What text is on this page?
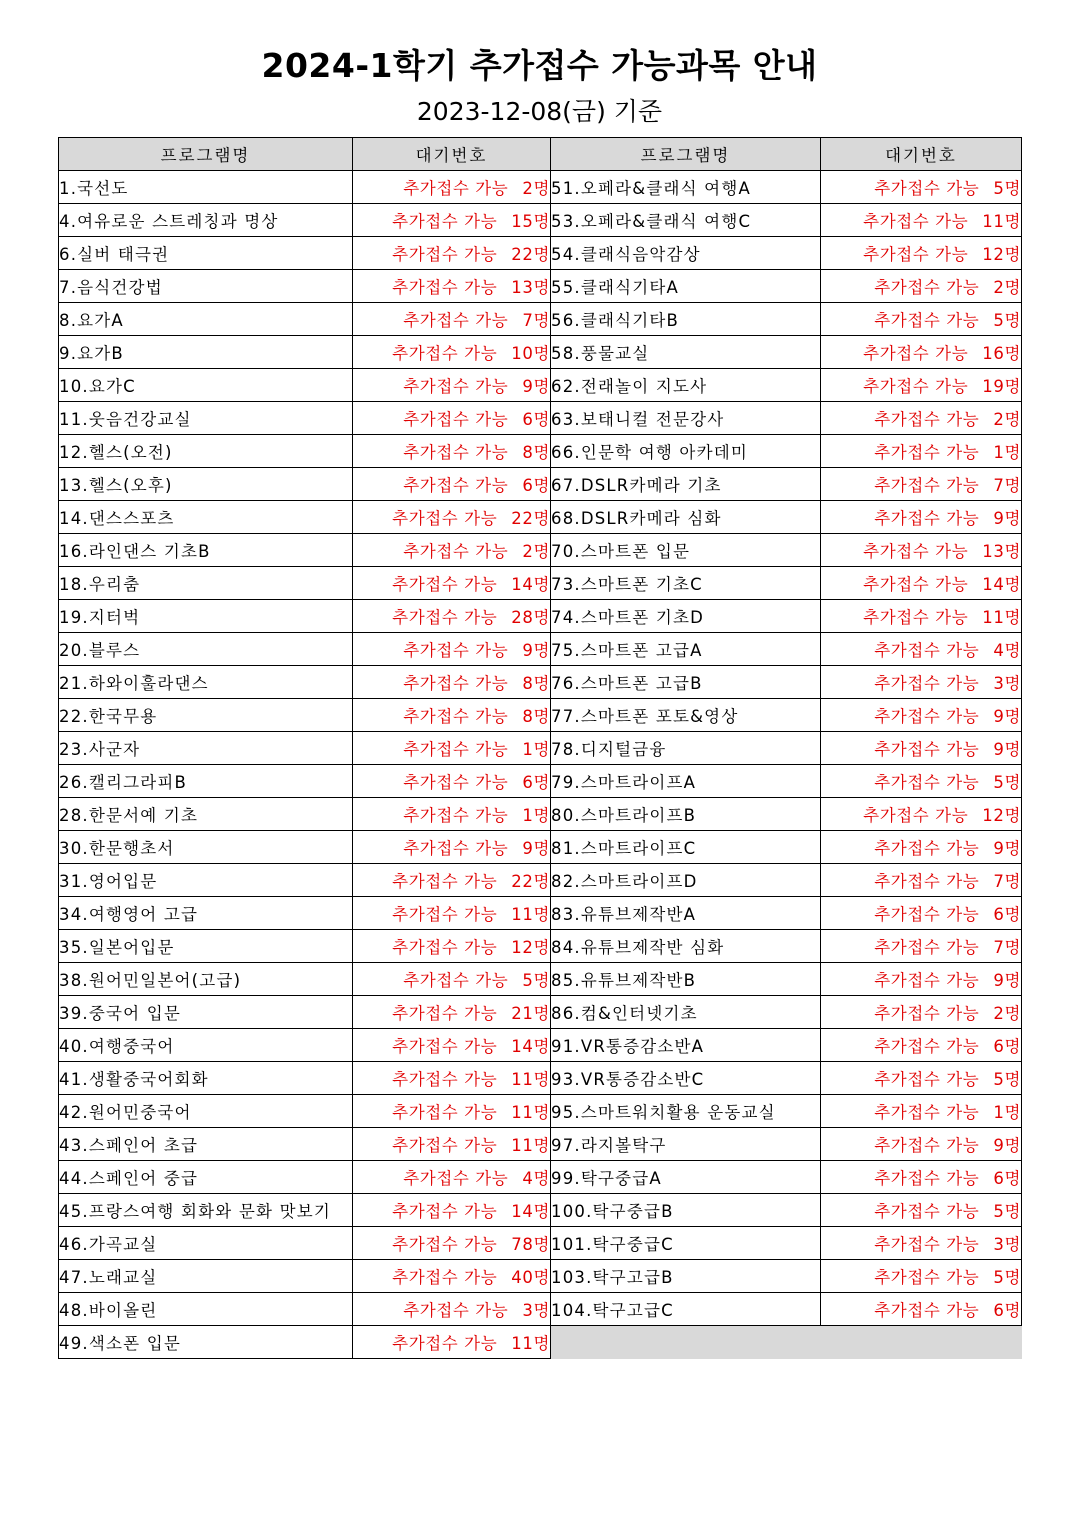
2024-1학기 추가접수 가능과목 안내
2023-12-08(금) 기준
프로그램명	대기번호	프로그램명	대기번호
1.국선도	추가접수 가능 2명	51.오페라&클래식 여행A	추가접수 가능 5명
4.여유로운 스트레칭과 명상	추가접수 가능 15명	53.오페라&클래식 여행C	추가접수 가능 11명
6.실버 태극권	추가접수 가능 22명	54.클래식음악감상	추가접수 가능 12명
7.음식건강법	추가접수 가능 13명	55.클래식기타A	추가접수 가능 2명
8.요가A	추가접수 가능 7명	56.클래식기타B	추가접수 가능 5명
9.요가B	추가접수 가능 10명	58.풍물교실	추가접수 가능 16명
10.요가C	추가접수 가능 9명	62.전래놀이 지도사	추가접수 가능 19명
11.웃음건강교실	추가접수 가능 6명	63.보태니컬 전문강사	추가접수 가능 2명
12.헬스(오전)	추가접수 가능 8명	66.인문학 여행 아카데미	추가접수 가능 1명
13.헬스(오후)	추가접수 가능 6명	67.DSLR카메라 기초	추가접수 가능 7명
14.댄스스포츠	추가접수 가능 22명	68.DSLR카메라 심화	추가접수 가능 9명
16.라인댄스 기초B	추가접수 가능 2명	70.스마트폰 입문	추가접수 가능 13명
18.우리춤	추가접수 가능 14명	73.스마트폰 기초C	추가접수 가능 14명
19.지터벅	추가접수 가능 28명	74.스마트폰 기초D	추가접수 가능 11명
20.블루스	추가접수 가능 9명	75.스마트폰 고급A	추가접수 가능 4명
21.하와이훌라댄스	추가접수 가능 8명	76.스마트폰 고급B	추가접수 가능 3명
22.한국무용	추가접수 가능 8명	77.스마트폰 포토&영상	추가접수 가능 9명
23.사군자	추가접수 가능 1명	78.디지털금융	추가접수 가능 9명
26.캘리그라피B	추가접수 가능 6명	79.스마트라이프A	추가접수 가능 5명
28.한문서예 기초	추가접수 가능 1명	80.스마트라이프B	추가접수 가능 12명
30.한문행초서	추가접수 가능 9명	81.스마트라이프C	추가접수 가능 9명
31.영어입문	추가접수 가능 22명	82.스마트라이프D	추가접수 가능 7명
34.여행영어 고급	추가접수 가능 11명	83.유튜브제작반A	추가접수 가능 6명
35.일본어입문	추가접수 가능 12명	84.유튜브제작반 심화	추가접수 가능 7명
38.원어민일본어(고급)	추가접수 가능 5명	85.유튜브제작반B	추가접수 가능 9명
39.중국어 입문	추가접수 가능 21명	86.컴&인터넷기초	추가접수 가능 2명
40.여행중국어	추가접수 가능 14명	91.VR통증감소반A	추가접수 가능 6명
41.생활중국어회화	추가접수 가능 11명	93.VR통증감소반C	추가접수 가능 5명
42.원어민중국어	추가접수 가능 11명	95.스마트워치활용 운동교실	추가접수 가능 1명
43.스페인어 초급	추가접수 가능 11명	97.라지볼탁구	추가접수 가능 9명
44.스페인어 중급	추가접수 가능 4명	99.탁구중급A	추가접수 가능 6명
45.프랑스여행 회화와 문화 맛보기	추가접수 가능 14명	100.탁구중급B	추가접수 가능 5명
46.가곡교실	추가접수 가능 78명	101.탁구중급C	추가접수 가능 3명
47.노래교실	추가접수 가능 40명	103.탁구고급B	추가접수 가능 5명
48.바이올린	추가접수 가능 3명	104.탁구고급C	추가접수 가능 6명
49.색소폰 입문	추가접수 가능 11명		
